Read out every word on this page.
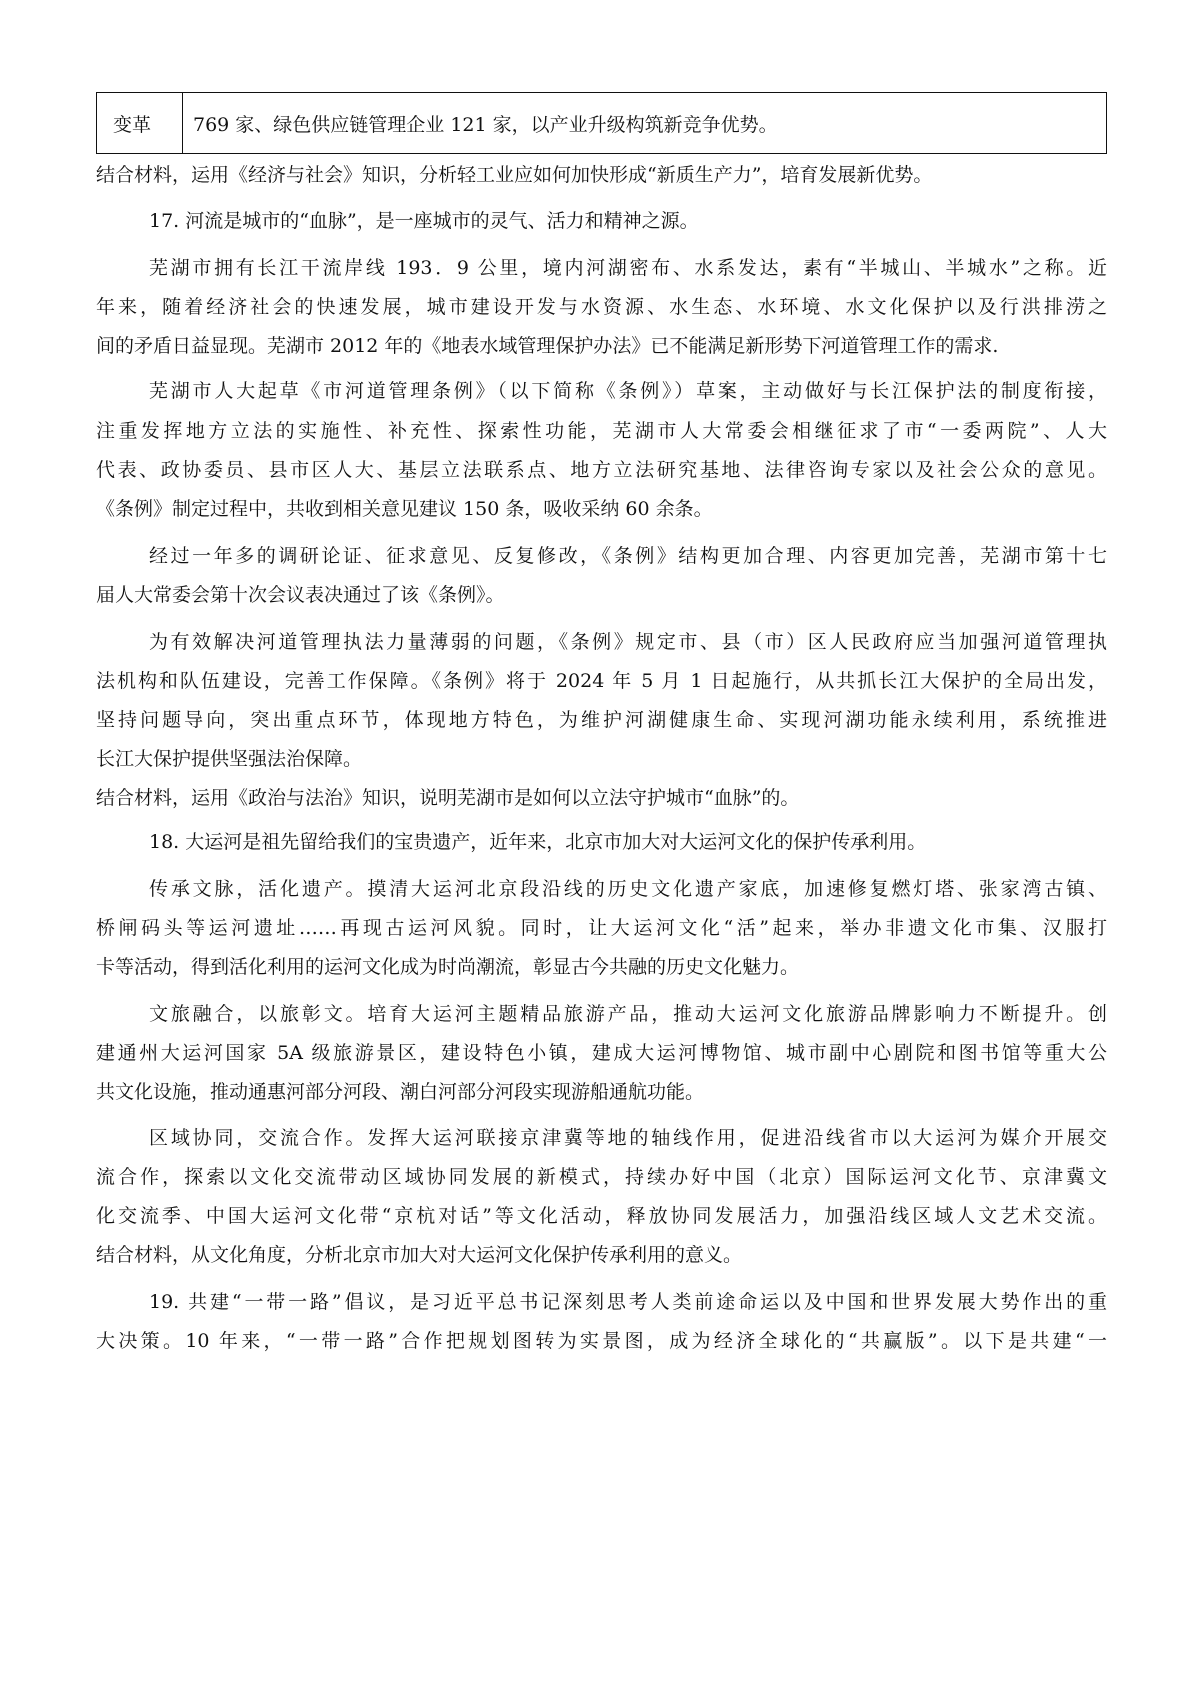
变革	769 家、绿色供应链管理企业 121 家，以产业升级构筑新竞争优势。
结合材料，运用《经济与社会》知识，分析轻工业应如何加快形成“新质生产力”，培育发展新优势。
17. 河流是城市的“血脉”，是一座城市的灵气、活力和精神之源。
芜湖市拥有长江干流岸线 193．9 公里，境内河湖密布、水系发达，素有“半城山、半城水”之称。近
年来，随着经济社会的快速发展，城市建设开发与水资源、水生态、水环境、水文化保护以及行洪排涝之
间的矛盾日益显现。芜湖市 2012 年的《地表水域管理保护办法》已不能满足新形势下河道管理工作的需求.
芜湖市人大起草《市河道管理条例》（以下简称《条例》）草案，主动做好与长江保护法的制度衔接，
注重发挥地方立法的实施性、补充性、探索性功能，芜湖市人大常委会相继征求了市“一委两院”、人大
代表、政协委员、县市区人大、基层立法联系点、地方立法研究基地、法律咨询专家以及社会公众的意见。
《条例》制定过程中，共收到相关意见建议 150 条，吸收采纳 60 余条。
经过一年多的调研论证、征求意见、反复修改，《条例》结构更加合理、内容更加完善，芜湖市第十七
届人大常委会第十次会议表决通过了该《条例》。
为有效解决河道管理执法力量薄弱的问题，《条例》规定市、县（市）区人民政府应当加强河道管理执
法机构和队伍建设，完善工作保障。《条例》将于 2024 年 5 月 1 日起施行，从共抓长江大保护的全局出发，
坚持问题导向，突出重点环节，体现地方特色，为维护河湖健康生命、实现河湖功能永续利用，系统推进
长江大保护提供坚强法治保障。
结合材料，运用《政治与法治》知识，说明芜湖市是如何以立法守护城市“血脉”的。
18. 大运河是祖先留给我们的宝贵遗产，近年来，北京市加大对大运河文化的保护传承利用。
传承文脉，活化遗产。摸清大运河北京段沿线的历史文化遗产家底，加速修复燃灯塔、张家湾古镇、
桥闸码头等运河遗址……再现古运河风貌。同时，让大运河文化“活”起来，举办非遗文化市集、汉服打
卡等活动，得到活化利用的运河文化成为时尚潮流，彰显古今共融的历史文化魅力。
文旅融合，以旅彰文。培育大运河主题精品旅游产品，推动大运河文化旅游品牌影响力不断提升。创
建通州大运河国家 5A 级旅游景区，建设特色小镇，建成大运河博物馆、城市副中心剧院和图书馆等重大公
共文化设施，推动通惠河部分河段、潮白河部分河段实现游船通航功能。
区域协同，交流合作。发挥大运河联接京津冀等地的轴线作用，促进沿线省市以大运河为媒介开展交
流合作，探索以文化交流带动区域协同发展的新模式，持续办好中国（北京）国际运河文化节、京津冀文
化交流季、中国大运河文化带“京杭对话”等文化活动，释放协同发展活力，加强沿线区域人文艺术交流。
结合材料，从文化角度，分析北京市加大对大运河文化保护传承利用的意义。
19. 共建“一带一路”倡议，是习近平总书记深刻思考人类前途命运以及中国和世界发展大势作出的重
大决策。10 年来，“一带一路”合作把规划图转为实景图，成为经济全球化的“共赢版”。以下是共建“一
